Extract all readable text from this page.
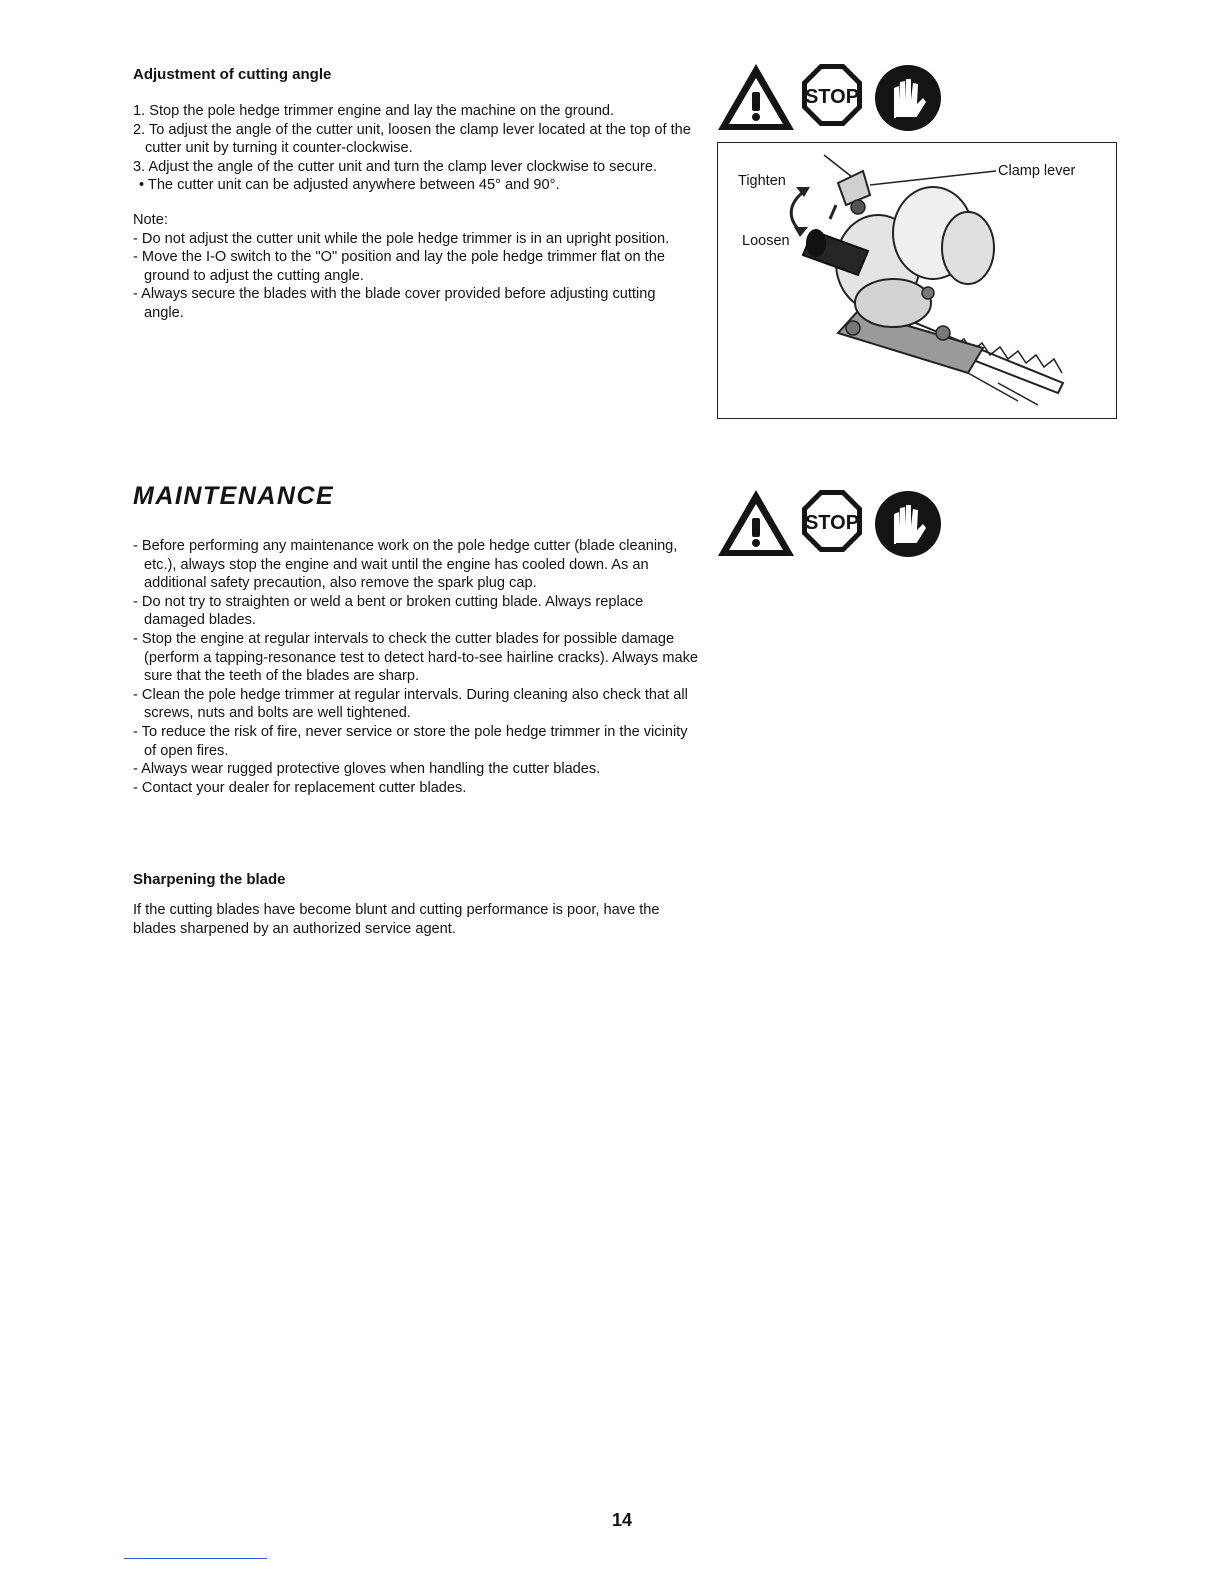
Adjustment of cutting angle
1. Stop the pole hedge trimmer engine and lay the machine on the ground.
2. To adjust the angle of the cutter unit, loosen the clamp lever located at the top of the cutter unit by turning it counter-clockwise.
3. Adjust the angle of the cutter unit and turn the clamp lever clockwise to secure.
• The cutter unit can be adjusted anywhere between 45° and 90°.
Note:
- Do not adjust the cutter unit while the pole hedge trimmer is in an upright position.
- Move the I-O switch to the "O" position and lay the pole hedge trimmer flat on the ground to adjust the cutting angle.
- Always secure the blades with the blade cover provided before adjusting cutting angle.
STOP
Tighten
Loosen
Clamp lever
MAINTENANCE
- Before performing any maintenance work on the pole hedge cutter (blade cleaning, etc.), always stop the engine and wait until the engine has cooled down. As an additional safety precaution, also remove the spark plug cap.
- Do not try to straighten or weld a bent or broken cutting blade. Always replace damaged blades.
- Stop the engine at regular intervals to check the cutter blades for possible damage (perform a tapping-resonance test to detect hard-to-see hairline cracks). Always make sure that the teeth of the blades are sharp.
- Clean the pole hedge trimmer at regular intervals. During cleaning also check that all screws, nuts and bolts are well tightened.
- To reduce the risk of fire, never service or store the pole hedge trimmer in the vicinity of open fires.
- Always wear rugged protective gloves when handling the cutter blades.
- Contact your dealer for replacement cutter blades.
STOP
Sharpening the blade
If the cutting blades have become blunt and cutting performance is poor, have the blades sharpened by an authorized service agent.
14
